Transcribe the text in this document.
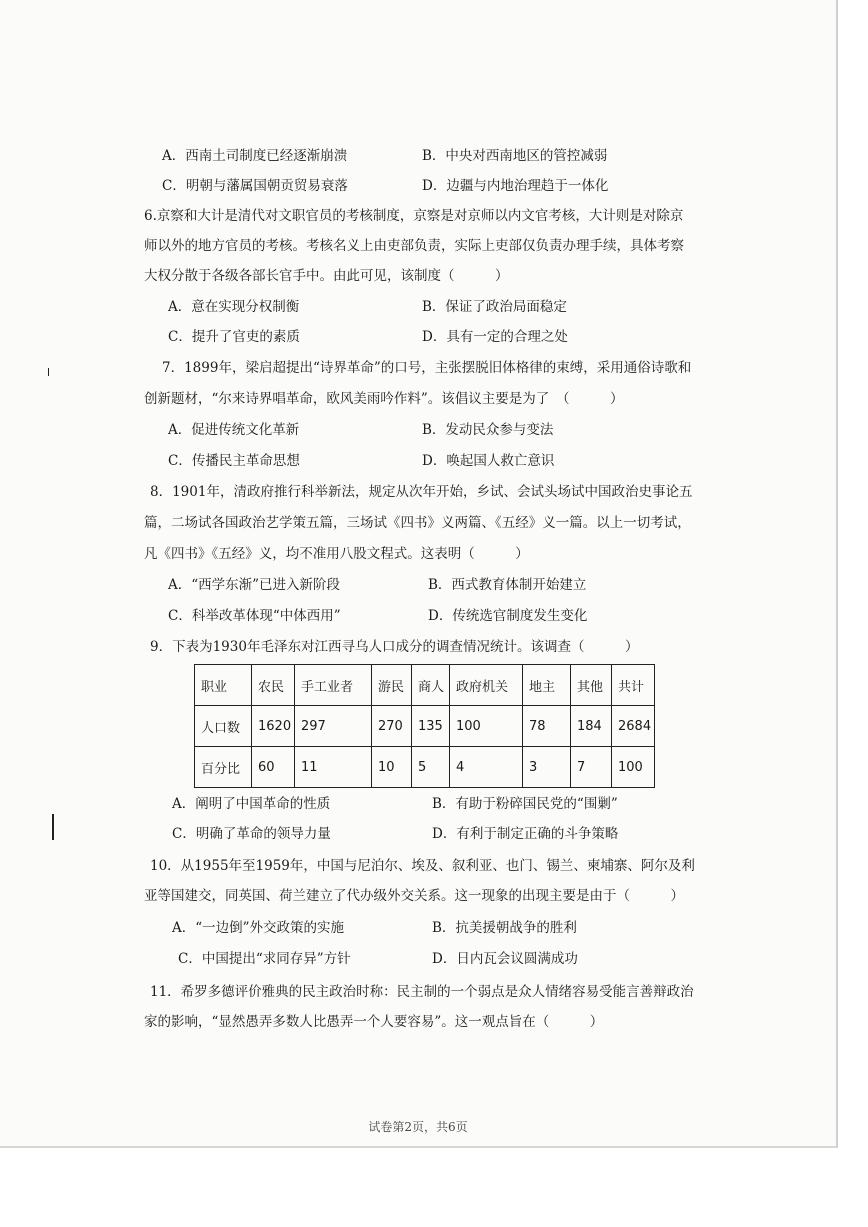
A．西南土司制度已经逐渐崩溃	B．中央对西南地区的管控减弱
C．明朝与藩属国朝贡贸易衰落	D．边疆与内地治理趋于一体化
6.京察和大计是清代对文职官员的考核制度，京察是对京师以内文官考核，大计则是对除京
师以外的地方官员的考核。考核名义上由吏部负责，实际上吏部仅负责办理手续，具体考察
大权分散于各级各部长官手中。由此可见，该制度（　　　）
A．意在实现分权制衡	B．保证了政治局面稳定
C．提升了官吏的素质	D．具有一定的合理之处
7．1899年，梁启超提出“诗界革命”的口号，主张摆脱旧体格律的束缚，采用通俗诗歌和
创新题材，“尔来诗界唱革命，欧风美雨吟作料”。该倡议主要是为了　（　　　）
A．促进传统文化革新	B．发动民众参与变法
C．传播民主革命思想	D．唤起国人救亡意识
8．1901年，清政府推行科举新法，规定从次年开始，乡试、会试头场试中国政治史事论五
篇，二场试各国政治艺学策五篇，三场试《四书》义两篇、《五经》义一篇。以上一切考试，
凡《四书》《五经》义，均不准用八股文程式。这表明（　　　）
A．“西学东渐”已进入新阶段	B．西式教育体制开始建立
C．科举改革体现“中体西用”	D．传统选官制度发生变化
9．下表为1930年毛泽东对江西寻乌人口成分的调查情况统计。该调查（　　　）
职业	农民	手工业者	游民	商人	政府机关	地主	其他	共计
人口数	1620	297	270	135	100	78	184	2684
百分比	60	11	10	5	4	3	7	100
A．阐明了中国革命的性质	B．有助于粉碎国民党的“围剿”
C．明确了革命的领导力量	D．有利于制定正确的斗争策略
10．从1955年至1959年，中国与尼泊尔、埃及、叙利亚、也门、锡兰、柬埔寨、阿尔及利
亚等国建交，同英国、荷兰建立了代办级外交关系。这一现象的出现主要是由于（　　　）
A．“一边倒”外交政策的实施	B．抗美援朝战争的胜利
C．中国提出“求同存异”方针	D．日内瓦会议圆满成功
11．希罗多德评价雅典的民主政治时称：民主制的一个弱点是众人情绪容易受能言善辩政治
家的影响，“显然愚弄多数人比愚弄一个人要容易”。这一观点旨在（　　　）
试卷第2页，共6页
